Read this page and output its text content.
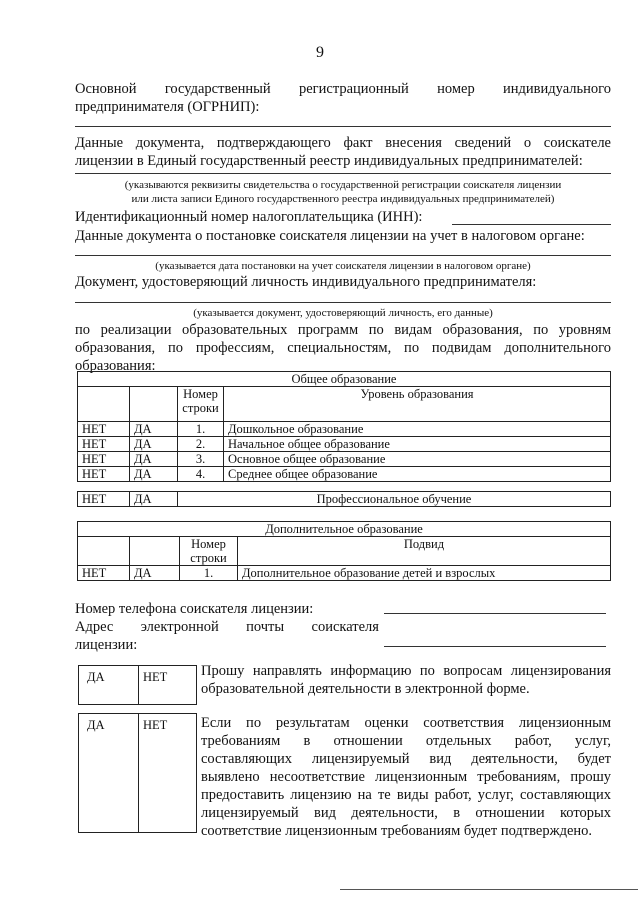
9
Основной государственный регистрационный номер индивидуального
предпринимателя (ОГРНИП):
Данные документа, подтверждающего факт внесения сведений о соискателе
лицензии в Единый государственный реестр индивидуальных предпринимателей:
(указываются реквизиты свидетельства о государственной регистрации соискателя лицензии
или листа записи Единого государственного реестра индивидуальных предпринимателей)
Идентификационный номер налогоплательщика (ИНН):
Данные документа о постановке соискателя лицензии на учет в налоговом органе:
(указывается дата постановки на учет соискателя лицензии в налоговом органе)
Документ, удостоверяющий личность индивидуального предпринимателя:
(указывается документ, удостоверяющий личность, его данные)
по реализации образовательных программ по видам образования, по уровням
образования, по профессиям, специальностям, по подвидам дополнительного
образования:
Общее образование			
		Номер строки	Уровень образования
НЕТ	ДА	1.	Дошкольное образование
НЕТ	ДА	2.	Начальное общее образование
НЕТ	ДА	3.	Основное общее образование
НЕТ	ДА	4.	Среднее общее образование
НЕТ	ДА	Профессиональное обучение
Дополнительное образование			
		Номер строки	Подвид
НЕТ	ДА	1.	Дополнительное образование детей и взрослых
Номер телефона соискателя лицензии:
Адрес электронной почты соискателя
лицензии:
ДА	НЕТ Прошу направлять информацию по вопросам лицензирования
образовательной деятельности в электронной форме.
ДА	НЕТ Если по результатам оценки соответствия лицензионным
требованиям в отношении отдельных работ, услуг,
составляющих лицензируемый вид деятельности, будет
выявлено несоответствие лицензионным требованиям, прошу
предоставить лицензию на те виды работ, услуг, составляющих
лицензируемый вид деятельности, в отношении которых
соответствие лицензионным требованиям будет подтверждено.
